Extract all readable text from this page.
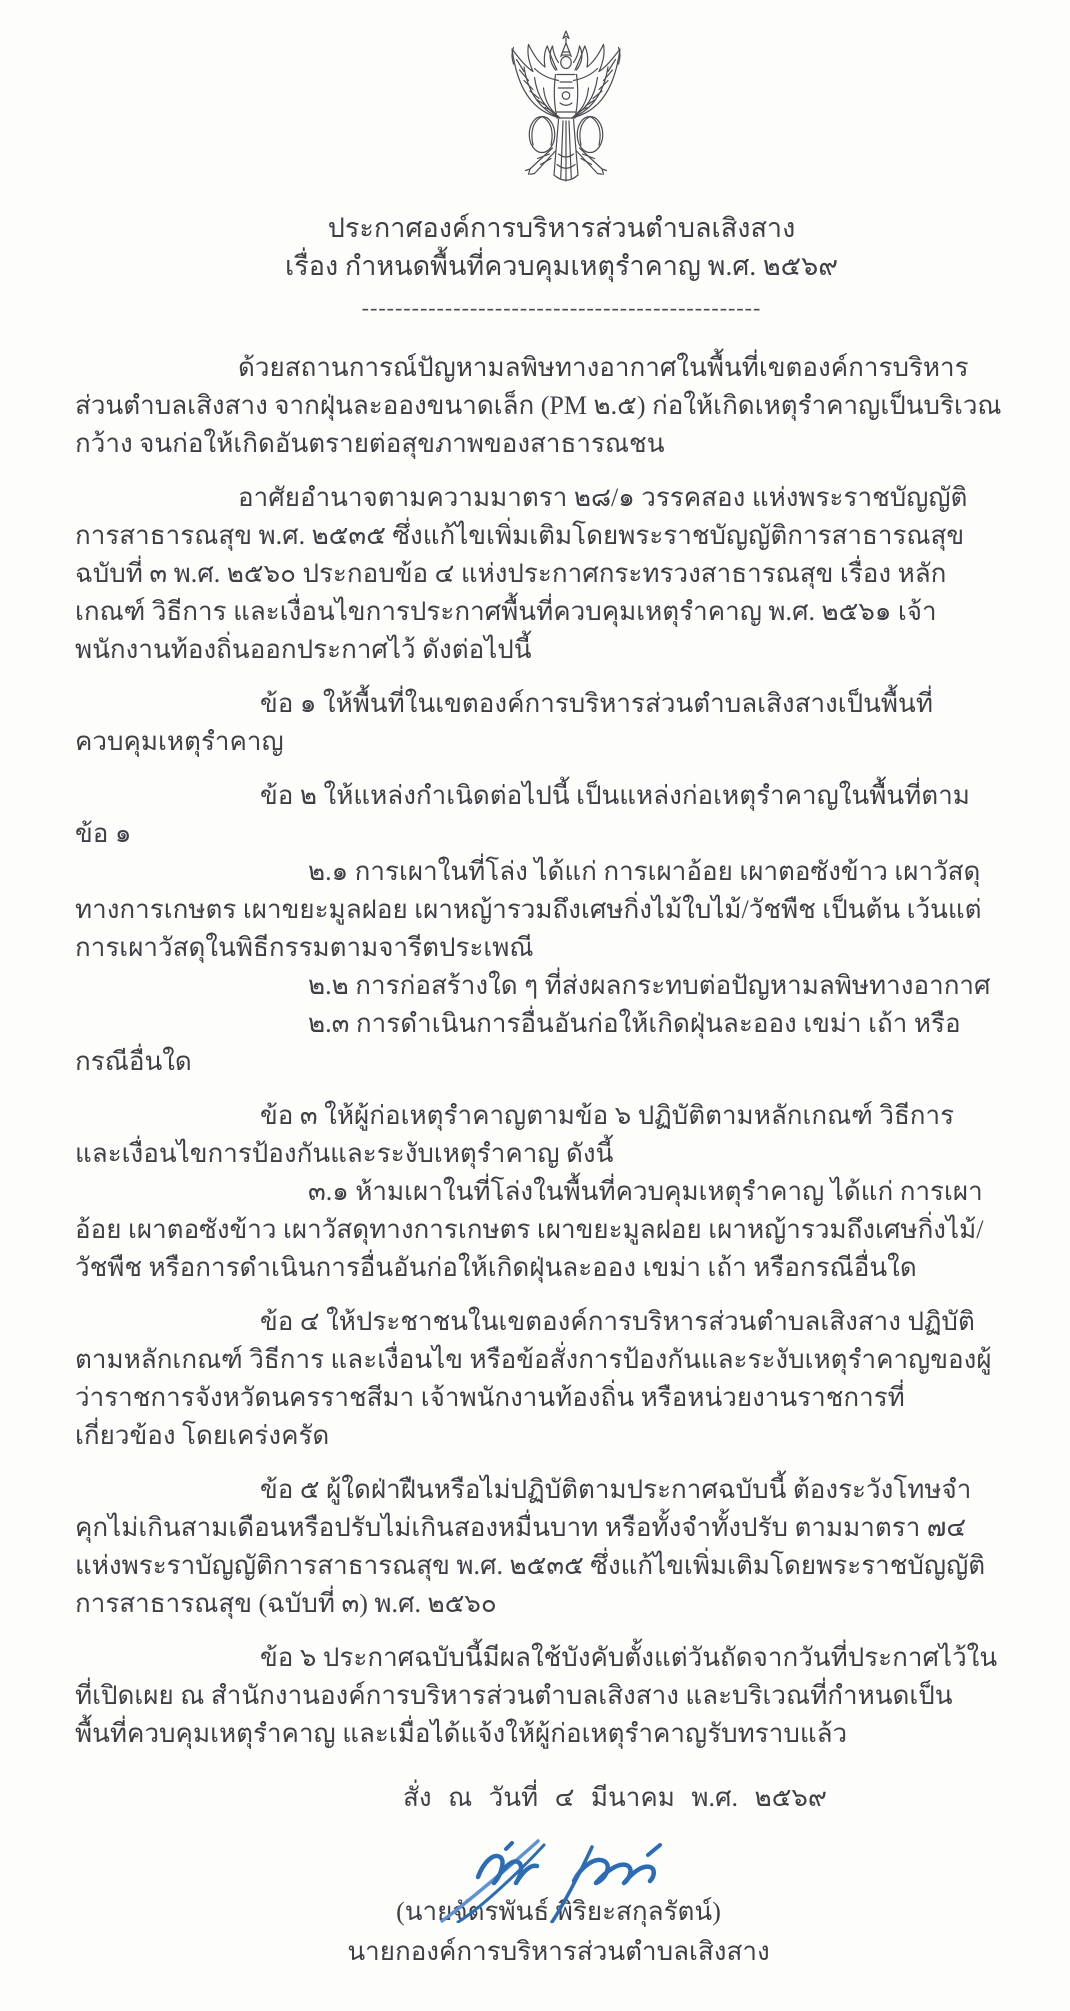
ประกาศองค์การบริหารส่วนตำบลเสิงสาง
เรื่อง กำหนดพื้นที่ควบคุมเหตุรำคาญ พ.ศ. ๒๕๖๙
------------------------------------------------

ด้วยสถานการณ์ปัญหามลพิษทางอากาศในพื้นที่เขตองค์การบริหารส่วนตำบลเสิงสาง จากฝุ่นละอองขนาดเล็ก (PM ๒.๕) ก่อให้เกิดเหตุรำคาญเป็นบริเวณกว้าง จนก่อให้เกิดอันตรายต่อสุขภาพของสาธารณชน

อาศัยอำนาจตามความมาตรา ๒๘/๑ วรรคสอง แห่งพระราชบัญญัติการสาธารณสุข พ.ศ. ๒๕๓๕ ซึ่งแก้ไขเพิ่มเติมโดยพระราชบัญญัติการสาธารณสุข ฉบับที่ ๓ พ.ศ. ๒๕๖๐ ประกอบข้อ ๔ แห่งประกาศกระทรวงสาธารณสุข เรื่อง หลักเกณฑ์ วิธีการ และเงื่อนไขการประกาศพื้นที่ควบคุมเหตุรำคาญ พ.ศ. ๒๕๖๑ เจ้าพนักงานท้องถิ่นออกประกาศไว้ ดังต่อไปนี้

ข้อ ๑ ให้พื้นที่ในเขตองค์การบริหารส่วนตำบลเสิงสางเป็นพื้นที่ควบคุมเหตุรำคาญ

ข้อ ๒ ให้แหล่งกำเนิดต่อไปนี้ เป็นแหล่งก่อเหตุรำคาญในพื้นที่ตามข้อ ๑

๒.๑ การเผาในที่โล่ง ได้แก่ การเผาอ้อย เผาตอซังข้าว เผาวัสดุทางการเกษตร เผาขยะมูลฝอย เผาหญ้ารวมถึงเศษกิ่งไม้ใบไม้/วัชพืช เป็นต้น เว้นแต่การเผาวัสดุในพิธีกรรมตามจารีตประเพณี

๒.๒ การก่อสร้างใด ๆ ที่ส่งผลกระทบต่อปัญหามลพิษทางอากาศ

๒.๓ การดำเนินการอื่นอันก่อให้เกิดฝุ่นละออง เขม่า เถ้า หรือกรณีอื่นใด

ข้อ ๓ ให้ผู้ก่อเหตุรำคาญตามข้อ ๖ ปฏิบัติตามหลักเกณฑ์ วิธีการ และเงื่อนไขการป้องกันและระงับเหตุรำคาญ ดังนี้

๓.๑ ห้ามเผาในที่โล่งในพื้นที่ควบคุมเหตุรำคาญ ได้แก่ การเผาอ้อย เผาตอซังข้าว เผาวัสดุทางการเกษตร เผาขยะมูลฝอย เผาหญ้ารวมถึงเศษกิ่งไม้/วัชพืช หรือการดำเนินการอื่นอันก่อให้เกิดฝุ่นละออง เขม่า เถ้า หรือกรณีอื่นใด

ข้อ ๔ ให้ประชาชนในเขตองค์การบริหารส่วนตำบลเสิงสาง ปฏิบัติตามหลักเกณฑ์ วิธีการ และเงื่อนไข หรือข้อสั่งการป้องกันและระงับเหตุรำคาญของผู้ว่าราชการจังหวัดนครราชสีมา เจ้าพนักงานท้องถิ่น หรือหน่วยงานราชการที่เกี่ยวข้อง โดยเคร่งครัด

ข้อ ๕ ผู้ใดฝ่าฝืนหรือไม่ปฏิบัติตามประกาศฉบับนี้ ต้องระวังโทษจำคุกไม่เกินสามเดือนหรือปรับไม่เกินสองหมื่นบาท หรือทั้งจำทั้งปรับ ตามมาตรา ๗๔ แห่งพระราบัญญัติการสาธารณสุข พ.ศ. ๒๕๓๕ ซึ่งแก้ไขเพิ่มเติมโดยพระราชบัญญัติการสาธารณสุข (ฉบับที่ ๓) พ.ศ. ๒๕๖๐

ข้อ ๖ ประกาศฉบับนี้มีผลใช้บังคับตั้งแต่วันถัดจากวันที่ประกาศไว้ในที่เปิดเผย ณ สำนักงานองค์การบริหารส่วนตำบลเสิงสาง และบริเวณที่กำหนดเป็นพื้นที่ควบคุมเหตุรำคาญ และเมื่อได้แจ้งให้ผู้ก่อเหตุรำคาญรับทราบแล้ว

สั่ง ณ วันที่ ๔ มีนาคม พ.ศ. ๒๕๖๙
(นายจัตรพันธ์ พิริยะสกุลรัตน์)
นายกองค์การบริหารส่วนตำบลเสิงสาง
